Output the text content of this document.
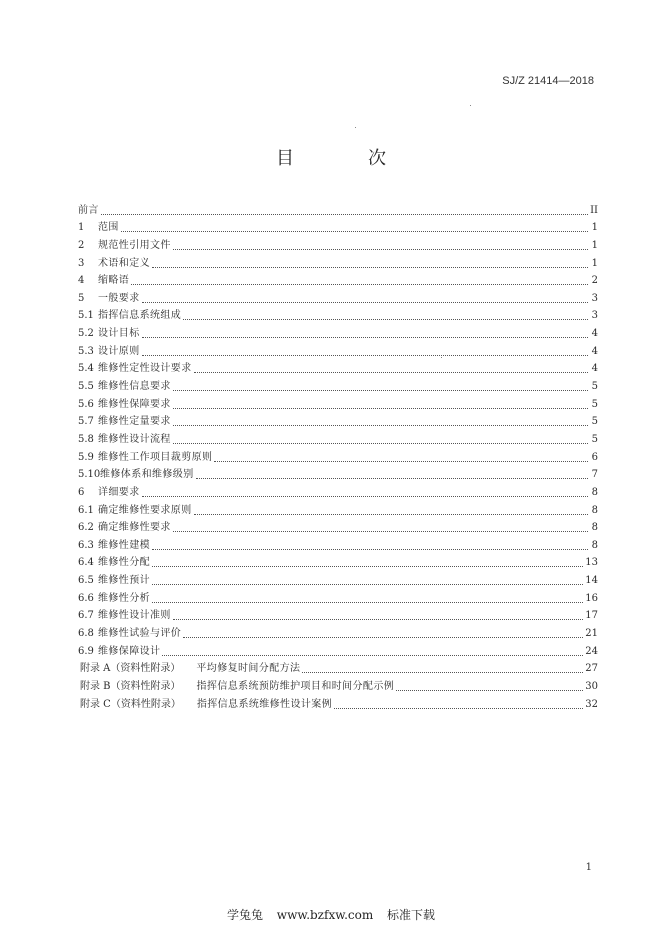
SJ/Z 21414—2018
目　次
前言	II
1	范围	1
2	规范性引用文件	1
3	术语和定义	1
4	缩略语	2
5	一般要求	3
5.1 指挥信息系统组成	3
5.2 设计目标	4
5.3 设计原则	4
5.4 维修性定性设计要求	4
5.5 维修性信息要求	5
5.6 维修性保障要求	5
5.7 维修性定量要求	5
5.8 维修性设计流程	5
5.9 维修性工作项目裁剪原则	6
5.10 维修体系和维修级别	7
6	详细要求	8
6.1 确定维修性要求原则	8
6.2 确定维修性要求	8
6.3 维修性建模	8
6.4 维修性分配	13
6.5 维修性预计	14
6.6 维修性分析	16
6.7 维修性设计准则	17
6.8 维修性试验与评价	21
6.9 维修保障设计	24
附录 A（资料性附录） 平均修复时间分配方法	27
附录 B（资料性附录） 指挥信息系统预防维护项目和时间分配示例	30
附录 C（资料性附录） 指挥信息系统维修性设计案例	32
1
学兔兔 www.bzfxw.com 标准下载
